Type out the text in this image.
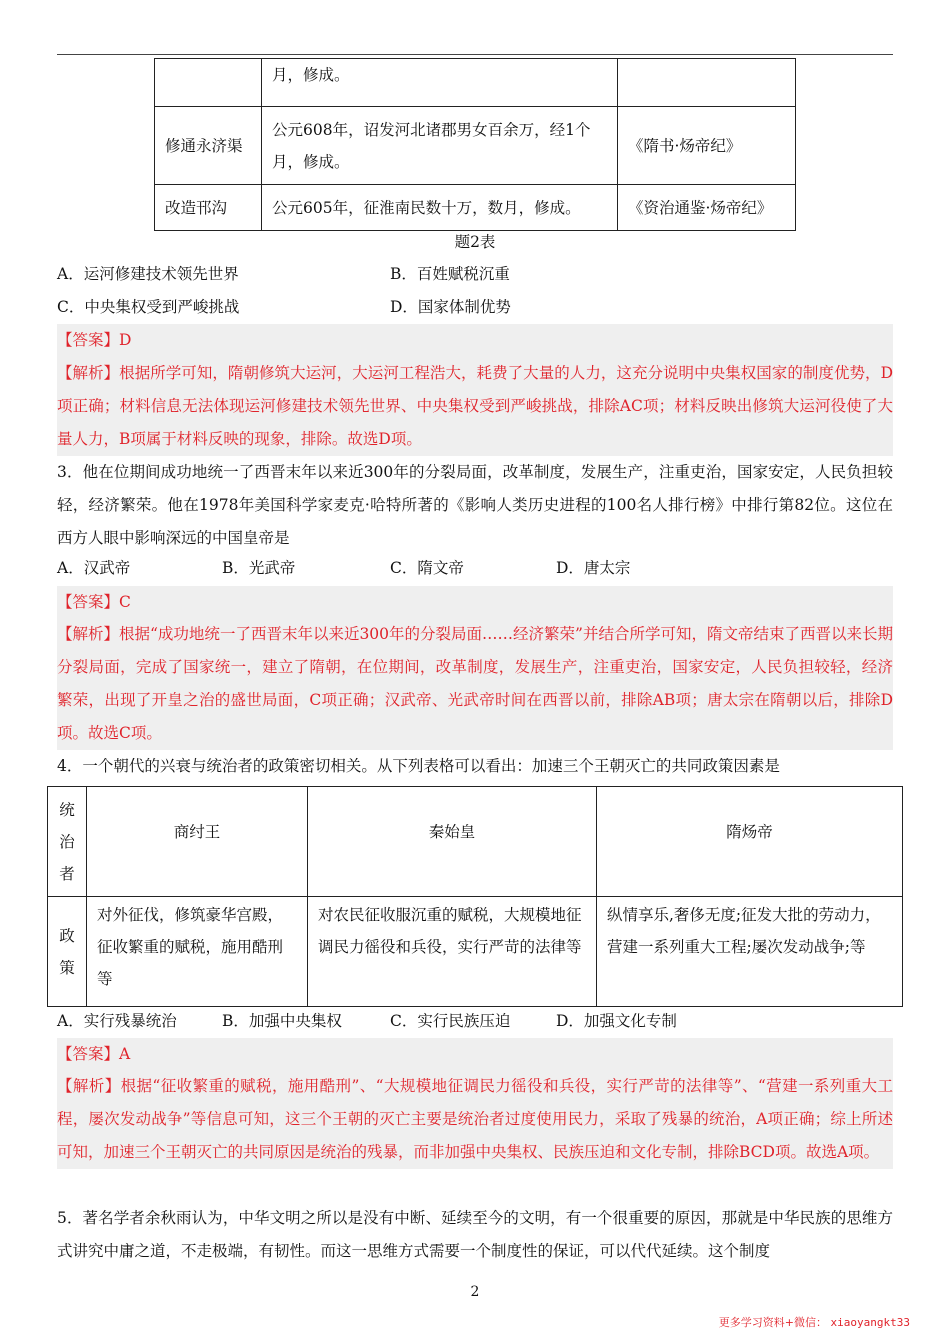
	月，修成。	
修通永济渠	公元608年，诏发河北诸郡男女百余万，经1个月，修成。	《隋书·炀帝纪》
改造邗沟	公元605年，征淮南民数十万，数月，修成。	《资治通鉴·炀帝纪》
题2表
A．运河修建技术领先世界	B．百姓赋税沉重
C．中央集权受到严峻挑战	D．国家体制优势
【答案】D
【解析】根据所学可知，隋朝修筑大运河，大运河工程浩大，耗费了大量的人力，这充分说明中央集权国家的制度优势，D项正确；材料信息无法体现运河修建技术领先世界、中央集权受到严峻挑战，排除AC项；材料反映出修筑大运河役使了大量人力，B项属于材料反映的现象，排除。故选D项。
3．他在位期间成功地统一了西晋末年以来近300年的分裂局面，改革制度，发展生产，注重吏治，国家安定，人民负担较轻，经济繁荣。他在1978年美国科学家麦克·哈特所著的《影响人类历史进程的100名人排行榜》中排行第82位。这位在西方人眼中影响深远的中国皇帝是
A．汉武帝	B．光武帝	C．隋文帝	D．唐太宗
【答案】C
【解析】根据“成功地统一了西晋末年以来近300年的分裂局面……经济繁荣”并结合所学可知，隋文帝结束了西晋以来长期分裂局面，完成了国家统一，建立了隋朝，在位期间，改革制度，发展生产，注重吏治，国家安定，人民负担较轻，经济繁荣，出现了开皇之治的盛世局面，C项正确；汉武帝、光武帝时间在西晋以前，排除AB项；唐太宗在隋朝以后，排除D项。故选C项。
4．一个朝代的兴衰与统治者的政策密切相关。从下列表格可以看出：加速三个王朝灭亡的共同政策因素是
统治者	商纣王	秦始皇	隋炀帝

政策	对外征伐，修筑豪华宫殿，征收繁重的赋税，施用酷刑等	对农民征收服沉重的赋税，大规模地征调民力徭役和兵役，实行严苛的法律等	纵情享乐,奢侈无度;征发大批的劳动力，营建一系列重大工程;屡次发动战争;等
A．实行残暴统治	B．加强中央集权	C．实行民族压迫	D．加强文化专制
【答案】A
【解析】根据“征收繁重的赋税，施用酷刑”、“大规模地征调民力徭役和兵役，实行严苛的法律等”、“营建一系列重大工程，屡次发动战争”等信息可知，这三个王朝的灭亡主要是统治者过度使用民力，采取了残暴的统治，A项正确；综上所述可知，加速三个王朝灭亡的共同原因是统治的残暴，而非加强中央集权、民族压迫和文化专制，排除BCD项。故选A项。
5．著名学者余秋雨认为，中华文明之所以是没有中断、延续至今的文明，有一个很重要的原因，那就是中华民族的思维方式讲究中庸之道，不走极端，有韧性。而这一思维方式需要一个制度性的保证，可以代代延续。这个制度
2
更多学习资料+微信： xiaoyangkt33
